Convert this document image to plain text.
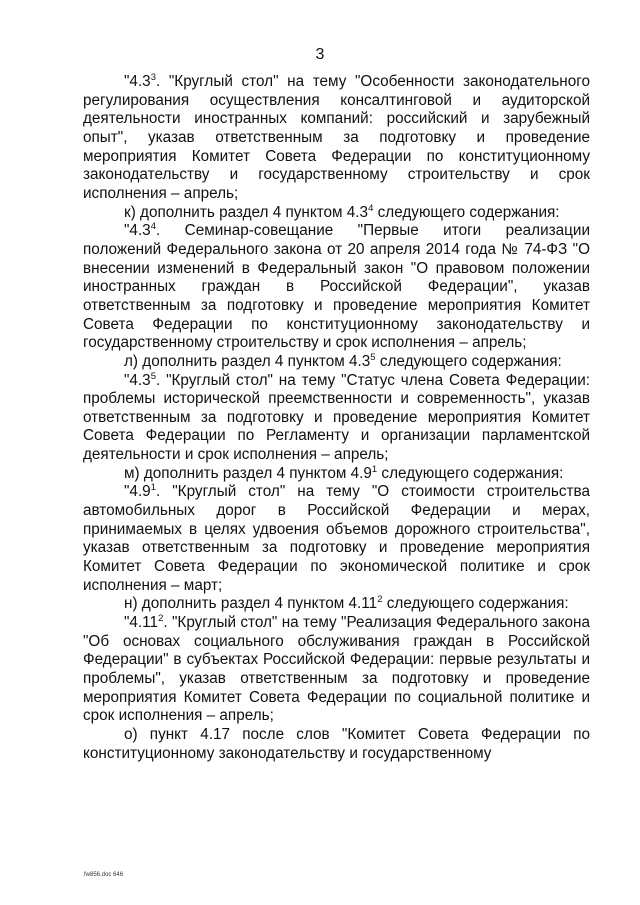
3

"$4.3^3$. "Круглый стол" на тему "Особенности законодательного регулирования осуществления консалтинговой и аудиторской деятельности иностранных компаний: российский и зарубежный опыт", указав ответственным за подготовку и проведение мероприятия Комитет Совета Федерации по конституционному законодательству и государственному строительству и срок исполнения – апрель;

к) дополнить раздел 4 пунктом $4.3^4$ следующего содержания:

"$4.3^4$. Семинар-совещание "Первые итоги реализации положений Федерального закона от 20 апреля 2014 года № 74-ФЗ "О внесении изменений в Федеральный закон "О правовом положении иностранных граждан в Российской Федерации", указав ответственным за подготовку и проведение мероприятия Комитет Совета Федерации по конституционному законодательству и государственному строительству и срок исполнения – апрель;

л) дополнить раздел 4 пунктом $4.3^5$ следующего содержания:

"$4.3^5$. "Круглый стол" на тему "Статус члена Совета Федерации: проблемы исторической преемственности и современность", указав ответственным за подготовку и проведение мероприятия Комитет Совета Федерации по Регламенту и организации парламентской деятельности и срок исполнения – апрель;

м) дополнить раздел 4 пунктом $4.9^1$ следующего содержания:

"$4.9^1$. "Круглый стол" на тему "О стоимости строительства автомобильных дорог в Российской Федерации и мерах, принимаемых в целях удвоения объемов дорожного строительства", указав ответственным за подготовку и проведение мероприятия Комитет Совета Федерации по экономической политике и срок исполнения – март;

н) дополнить раздел 4 пунктом 4.11$^2$ следующего содержания:

"4.11$^2$. "Круглый стол" на тему "Реализация Федерального закона "Об основах социального обслуживания граждан в Российской Федерации" в субъектах Российской Федерации: первые результаты и проблемы", указав ответственным за подготовку и проведение мероприятия Комитет Совета Федерации по социальной политике и срок исполнения – апрель;

о) пункт 4.17 после слов "Комитет Совета Федерации по конституционному законодательству и государственному

fw856.doc 646
